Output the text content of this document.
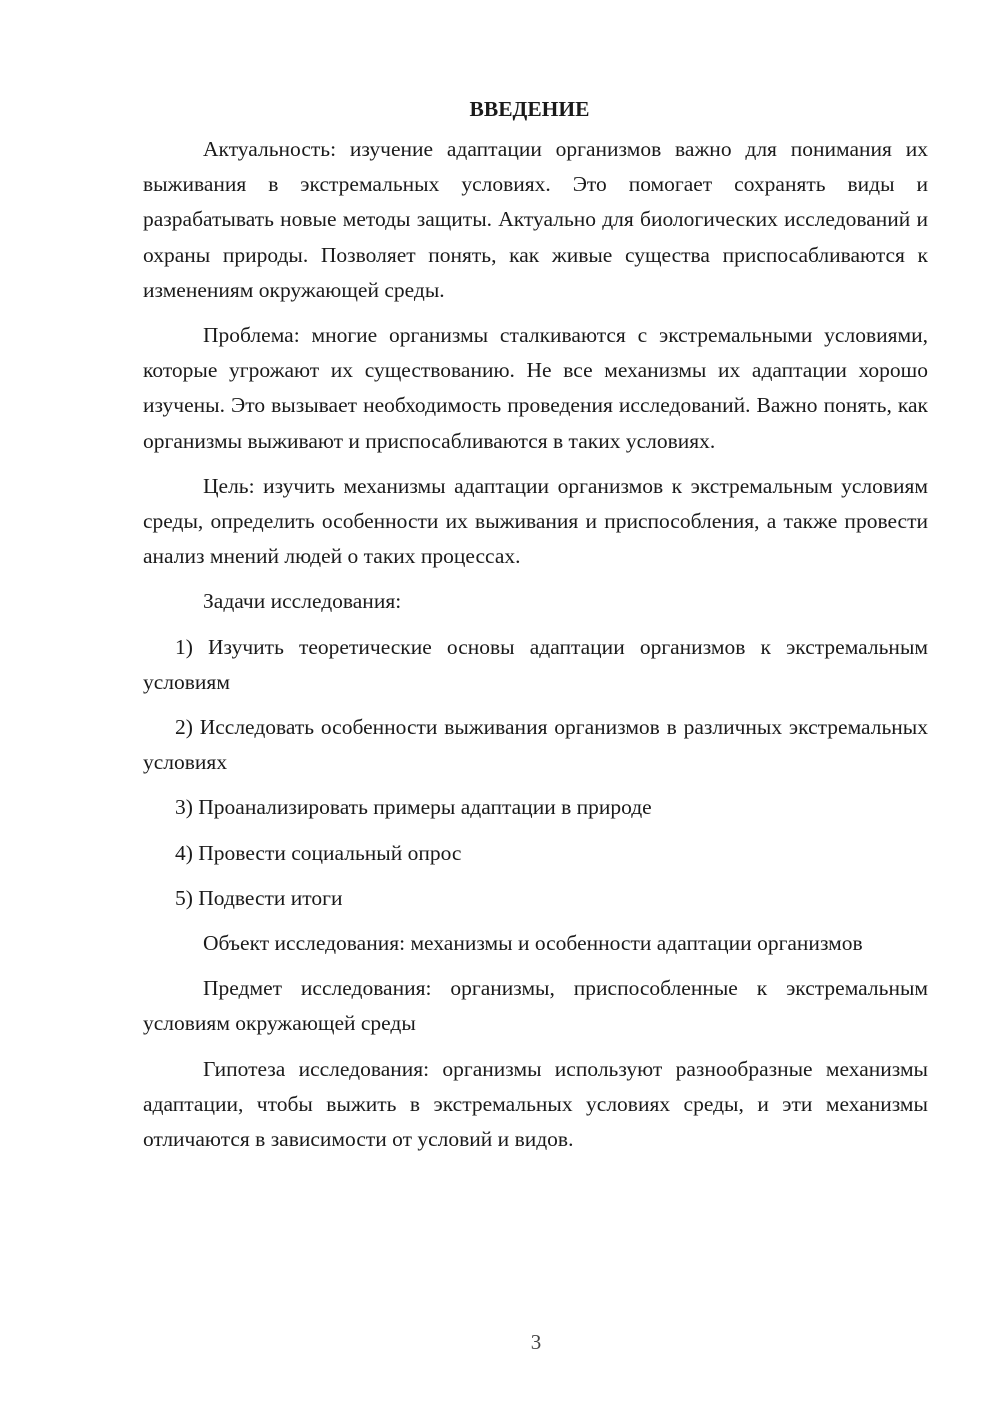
ВВЕДЕНИЕ

Актуальность: изучение адаптации организмов важно для понимания их выживания в экстремальных условиях. Это помогает сохранять виды и разрабатывать новые методы защиты. Актуально для биологических исследований и охраны природы. Позволяет понять, как живые существа приспосабливаются к изменениям окружающей среды.

Проблема: многие организмы сталкиваются с экстремальными условиями, которые угрожают их существованию. Не все механизмы их адаптации хорошо изучены. Это вызывает необходимость проведения исследований. Важно понять, как организмы выживают и приспосабливаются в таких условиях.

Цель: изучить механизмы адаптации организмов к экстремальным условиям среды, определить особенности их выживания и приспособления, а также провести анализ мнений людей о таких процессах.

Задачи исследования:

1) Изучить теоретические основы адаптации организмов к экстремальным условиям

2) Исследовать особенности выживания организмов в различных экстремальных условиях

3) Проанализировать примеры адаптации в природе

4) Провести социальный опрос

5) Подвести итоги

Объект исследования: механизмы и особенности адаптации организмов

Предмет исследования: организмы, приспособленные к экстремальным условиям окружающей среды

Гипотеза исследования: организмы используют разнообразные механизмы адаптации, чтобы выжить в экстремальных условиях среды, и эти механизмы отличаются в зависимости от условий и видов.

3
